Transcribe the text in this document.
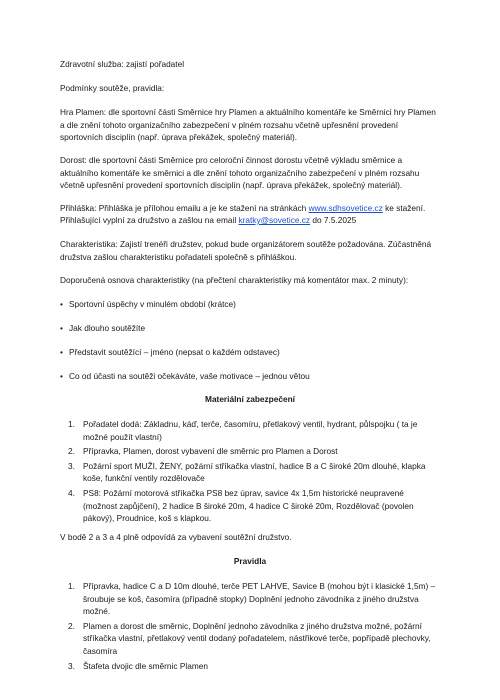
Zdravotní služba: zajistí pořadatel

Podmínky soutěže, pravidla:

Hra Plamen: dle sportovní části Směrnice hry Plamen a aktuálního komentáře ke Směrnici hry Plamen a dle znění tohoto organizačního zabezpečení v plném rozsahu včetně upřesnění provedení sportovních disciplín (např. úprava překážek, společný materiál).

Dorost: dle sportovní části Směrnice pro celoroční činnost dorostu včetně výkladu směrnice a aktuálního komentáře ke směrnici a dle znění tohoto organizačního zabezpečení v plném rozsahu včetně upřesnění provedení sportovních disciplín (např. úprava překážek, společný materiál).

Přihláška: Přihláška je přílohou emailu a je ke stažení na stránkách www.sdhsovetice.cz ke stažení.

Přihlašující vyplní za družstvo a zašlou na email kratky@sovetice.cz do 7.5.2025

Charakteristika: Zajistí trenéři družstev, pokud bude organizátorem soutěže požadována. Zúčastněná družstva zašlou charakteristiku pořadateli společně s přihláškou.

Doporučená osnova charakteristiky (na přečtení charakteristiky má komentátor max. 2 minuty):

• Sportovní úspěchy v minulém období (krátce)
• Jak dlouho soutěžíte
• Představit soutěžící – jméno (nepsat o každém odstavec)
• Co od účasti na soutěži očekáváte, vaše motivace – jednou větou

Materiální zabezpečení

1. Pořadatel dodá: Základnu, káď, terče, časomíru, přetlakový ventil, hydrant, půlspojku ( ta je možné použít vlastní)
2. Přípravka, Plamen, dorost vybavení dle směrnic pro Plamen a Dorost
3. Požární sport MUŽI, ŽENY, požární stříkačka vlastní, hadice B a C široké 20m dlouhé, klapka koše, funkční ventily rozdělovače
4. PS8: Požární motorová stříkačka PS8 bez úprav, savice 4x 1,5m historické neupravené (možnost zapůjčení), 2 hadice B široké 20m, 4 hadice C široké 20m, Rozdělovač (povolen pákový), Proudnice, koš s klapkou.

V bodě 2 a 3 a 4 plně odpovídá za vybavení soutěžní družstvo.

Pravidla

1. Přípravka, hadice C a D 10m dlouhé, terče PET LAHVE, Savice B (mohou být i klasické 1,5m) – šroubuje se koš, časomíra (případně stopky) Doplnění jednoho závodníka z jiného družstva možné.
2. Plamen a dorost dle směrnic, Doplnění jednoho závodníka z jiného družstva možné, požární stříkačka vlastní, přetlakový ventil dodaný pořadatelem, nástřikové terče, popřípadě plechovky, časomíra
3. Štafeta dvojic dle směrnic Plamen
